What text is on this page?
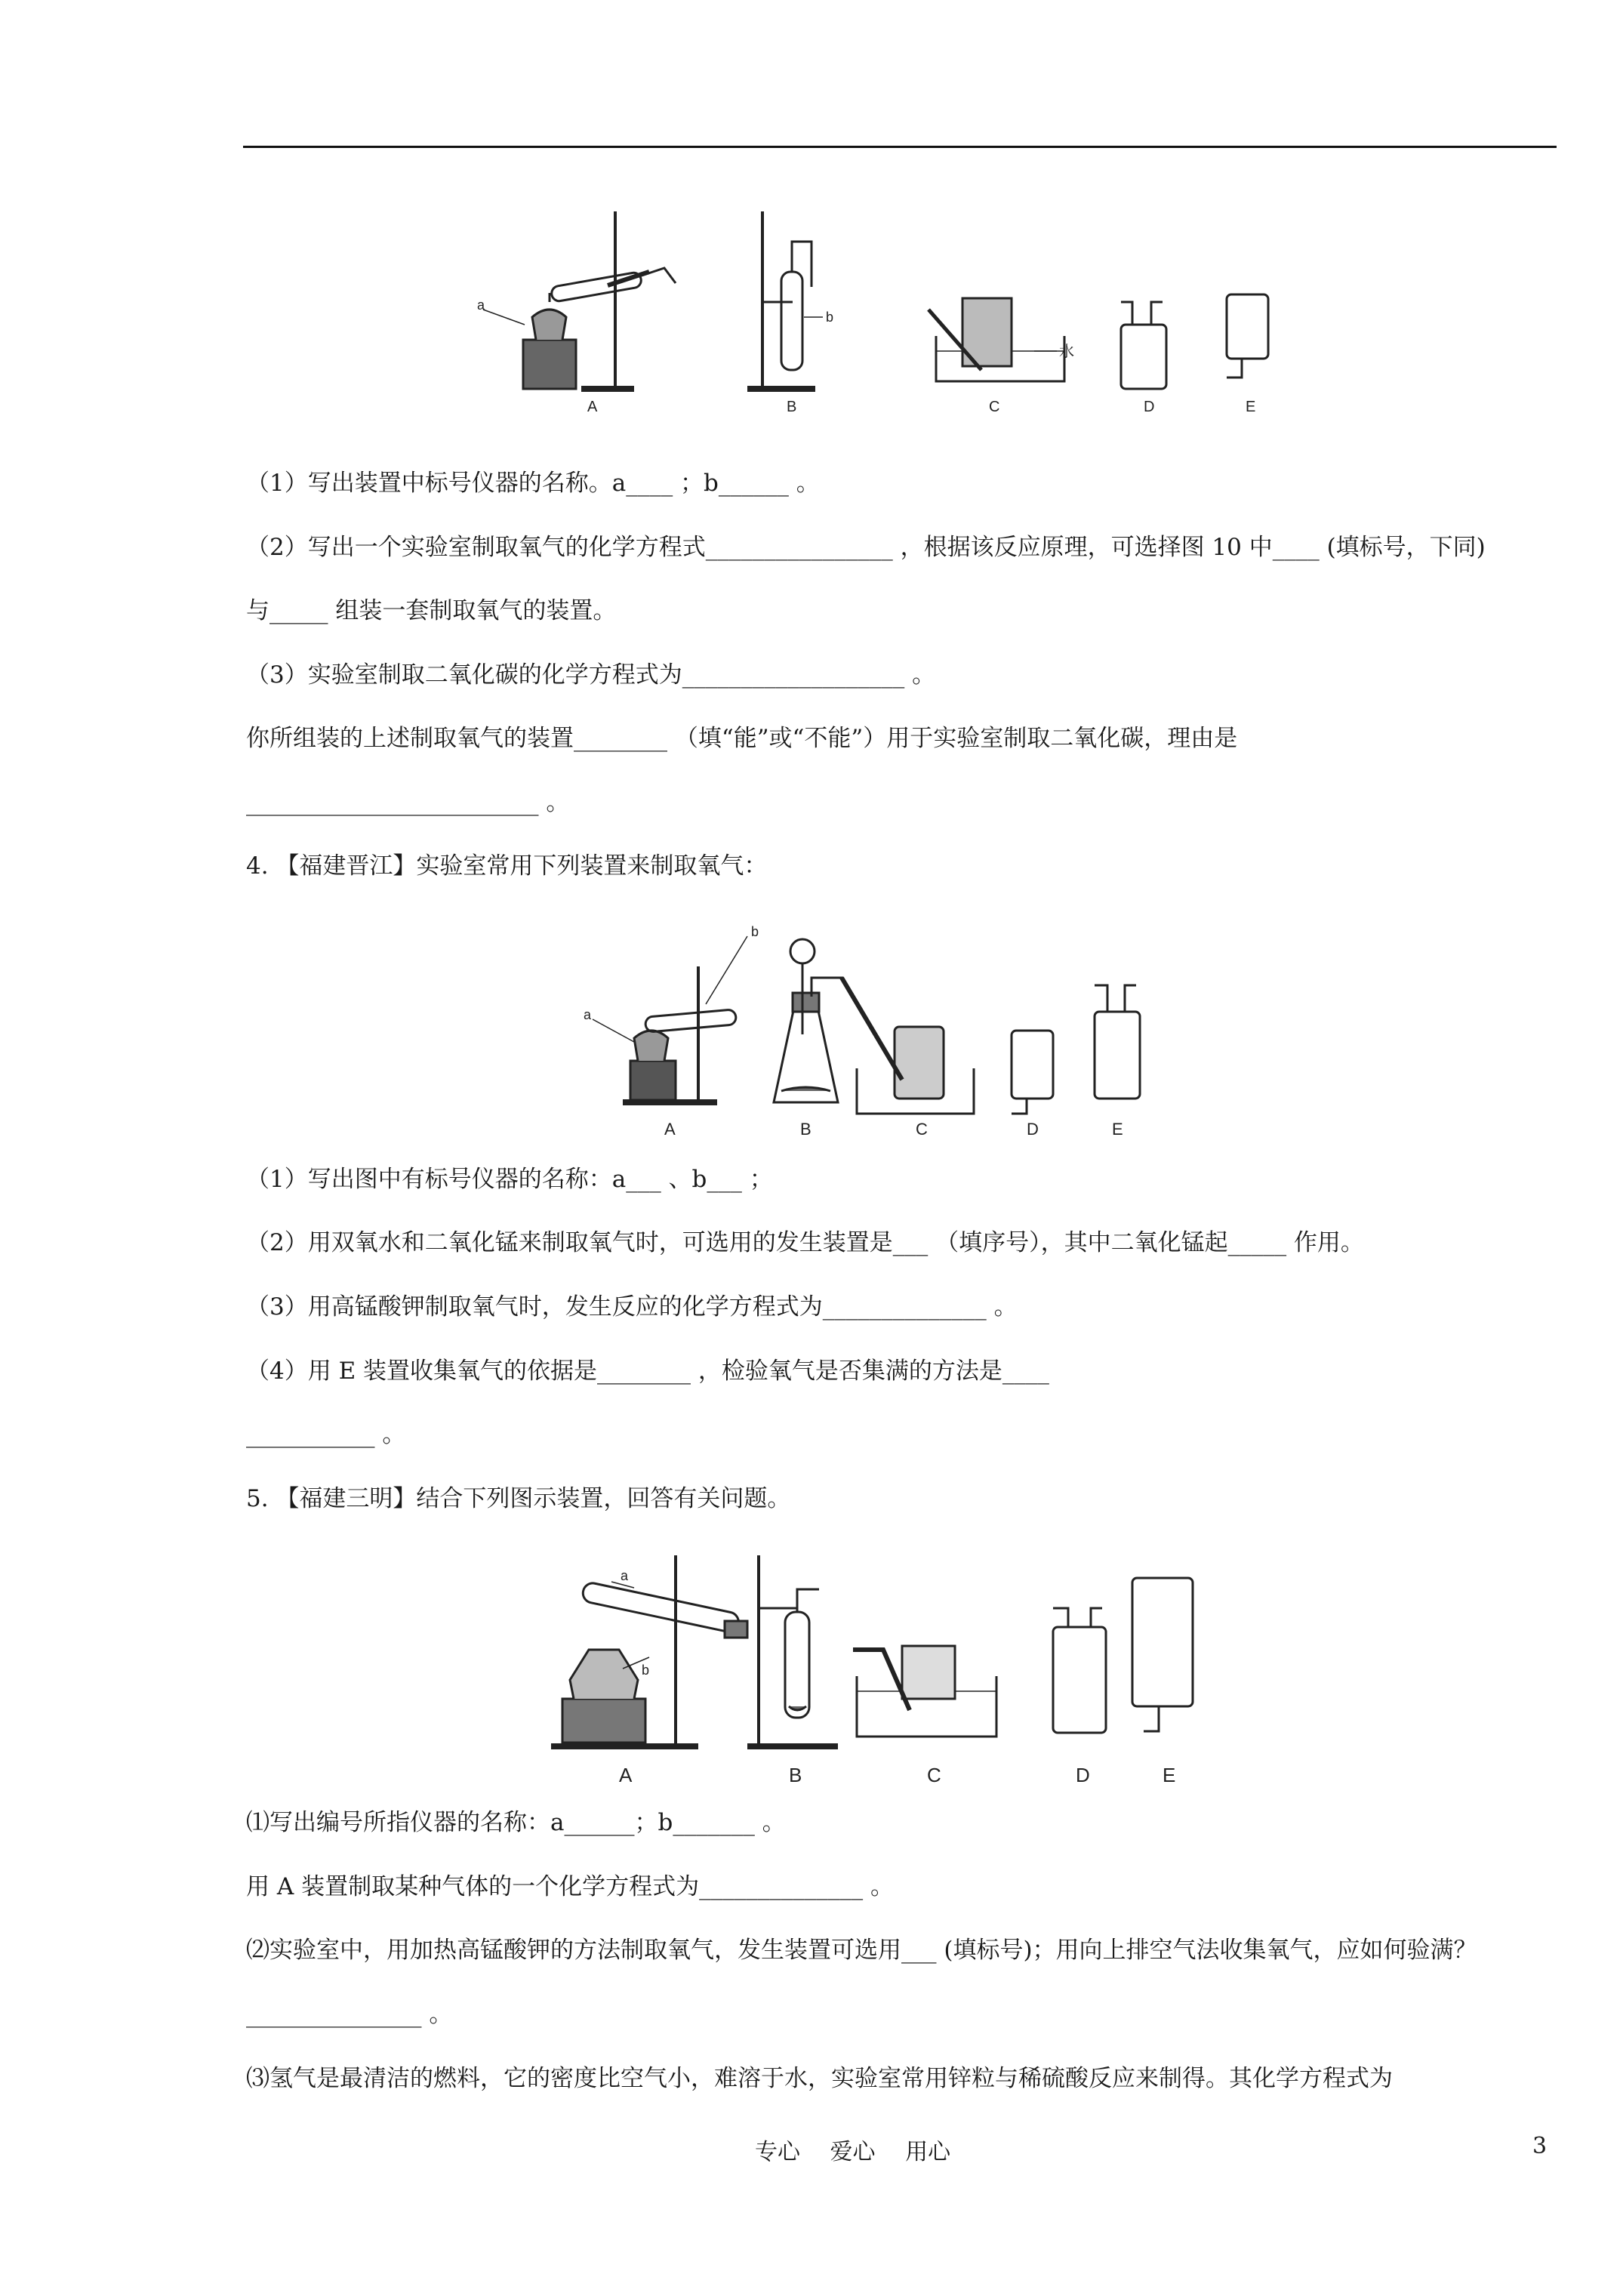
a
b
水
A	B	C	D	E
（1）写出装置中标号仪器的名称。a____ ；b______ 。
（2）写出一个实验室制取氧气的化学方程式________________ ，根据该反应原理，可选择图 10 中____ (填标号，下同)
与_____ 组装一套制取氧气的装置。
（3）实验室制取二氧化碳的化学方程式为___________________ 。
你所组装的上述制取氧气的装置________ （填“能”或“不能”）用于实验室制取二氧化碳，理由是
_________________________ 。
4. 【福建晋江】实验室常用下列装置来制取氧气：
a
b
A	B	C	D	E
（1）写出图中有标号仪器的名称：a___ 、b___ ；
（2）用双氧水和二氧化锰来制取氧气时，可选用的发生装置是___ （填序号），其中二氧化锰起_____ 作用。
（3）用高锰酸钾制取氧气时，发生反应的化学方程式为______________ 。
（4）用 E 装置收集氧气的依据是________ ，检验氧气是否集满的方法是____
___________ 。
5. 【福建三明】结合下列图示装置，回答有关问题。
a
b
A	B	C	D	E
⑴写出编号所指仪器的名称：a______；b_______ 。
用 A 装置制取某种气体的一个化学方程式为______________ 。
⑵实验室中，用加热高锰酸钾的方法制取氧气，发生装置可选用___ (填标号)；用向上排空气法收集氧气，应如何验满？
_______________ 。
⑶氢气是最清洁的燃料，它的密度比空气小，难溶于水，实验室常用锌粒与稀硫酸反应来制得。其化学方程式为
专心　 爱心　 用心	3
